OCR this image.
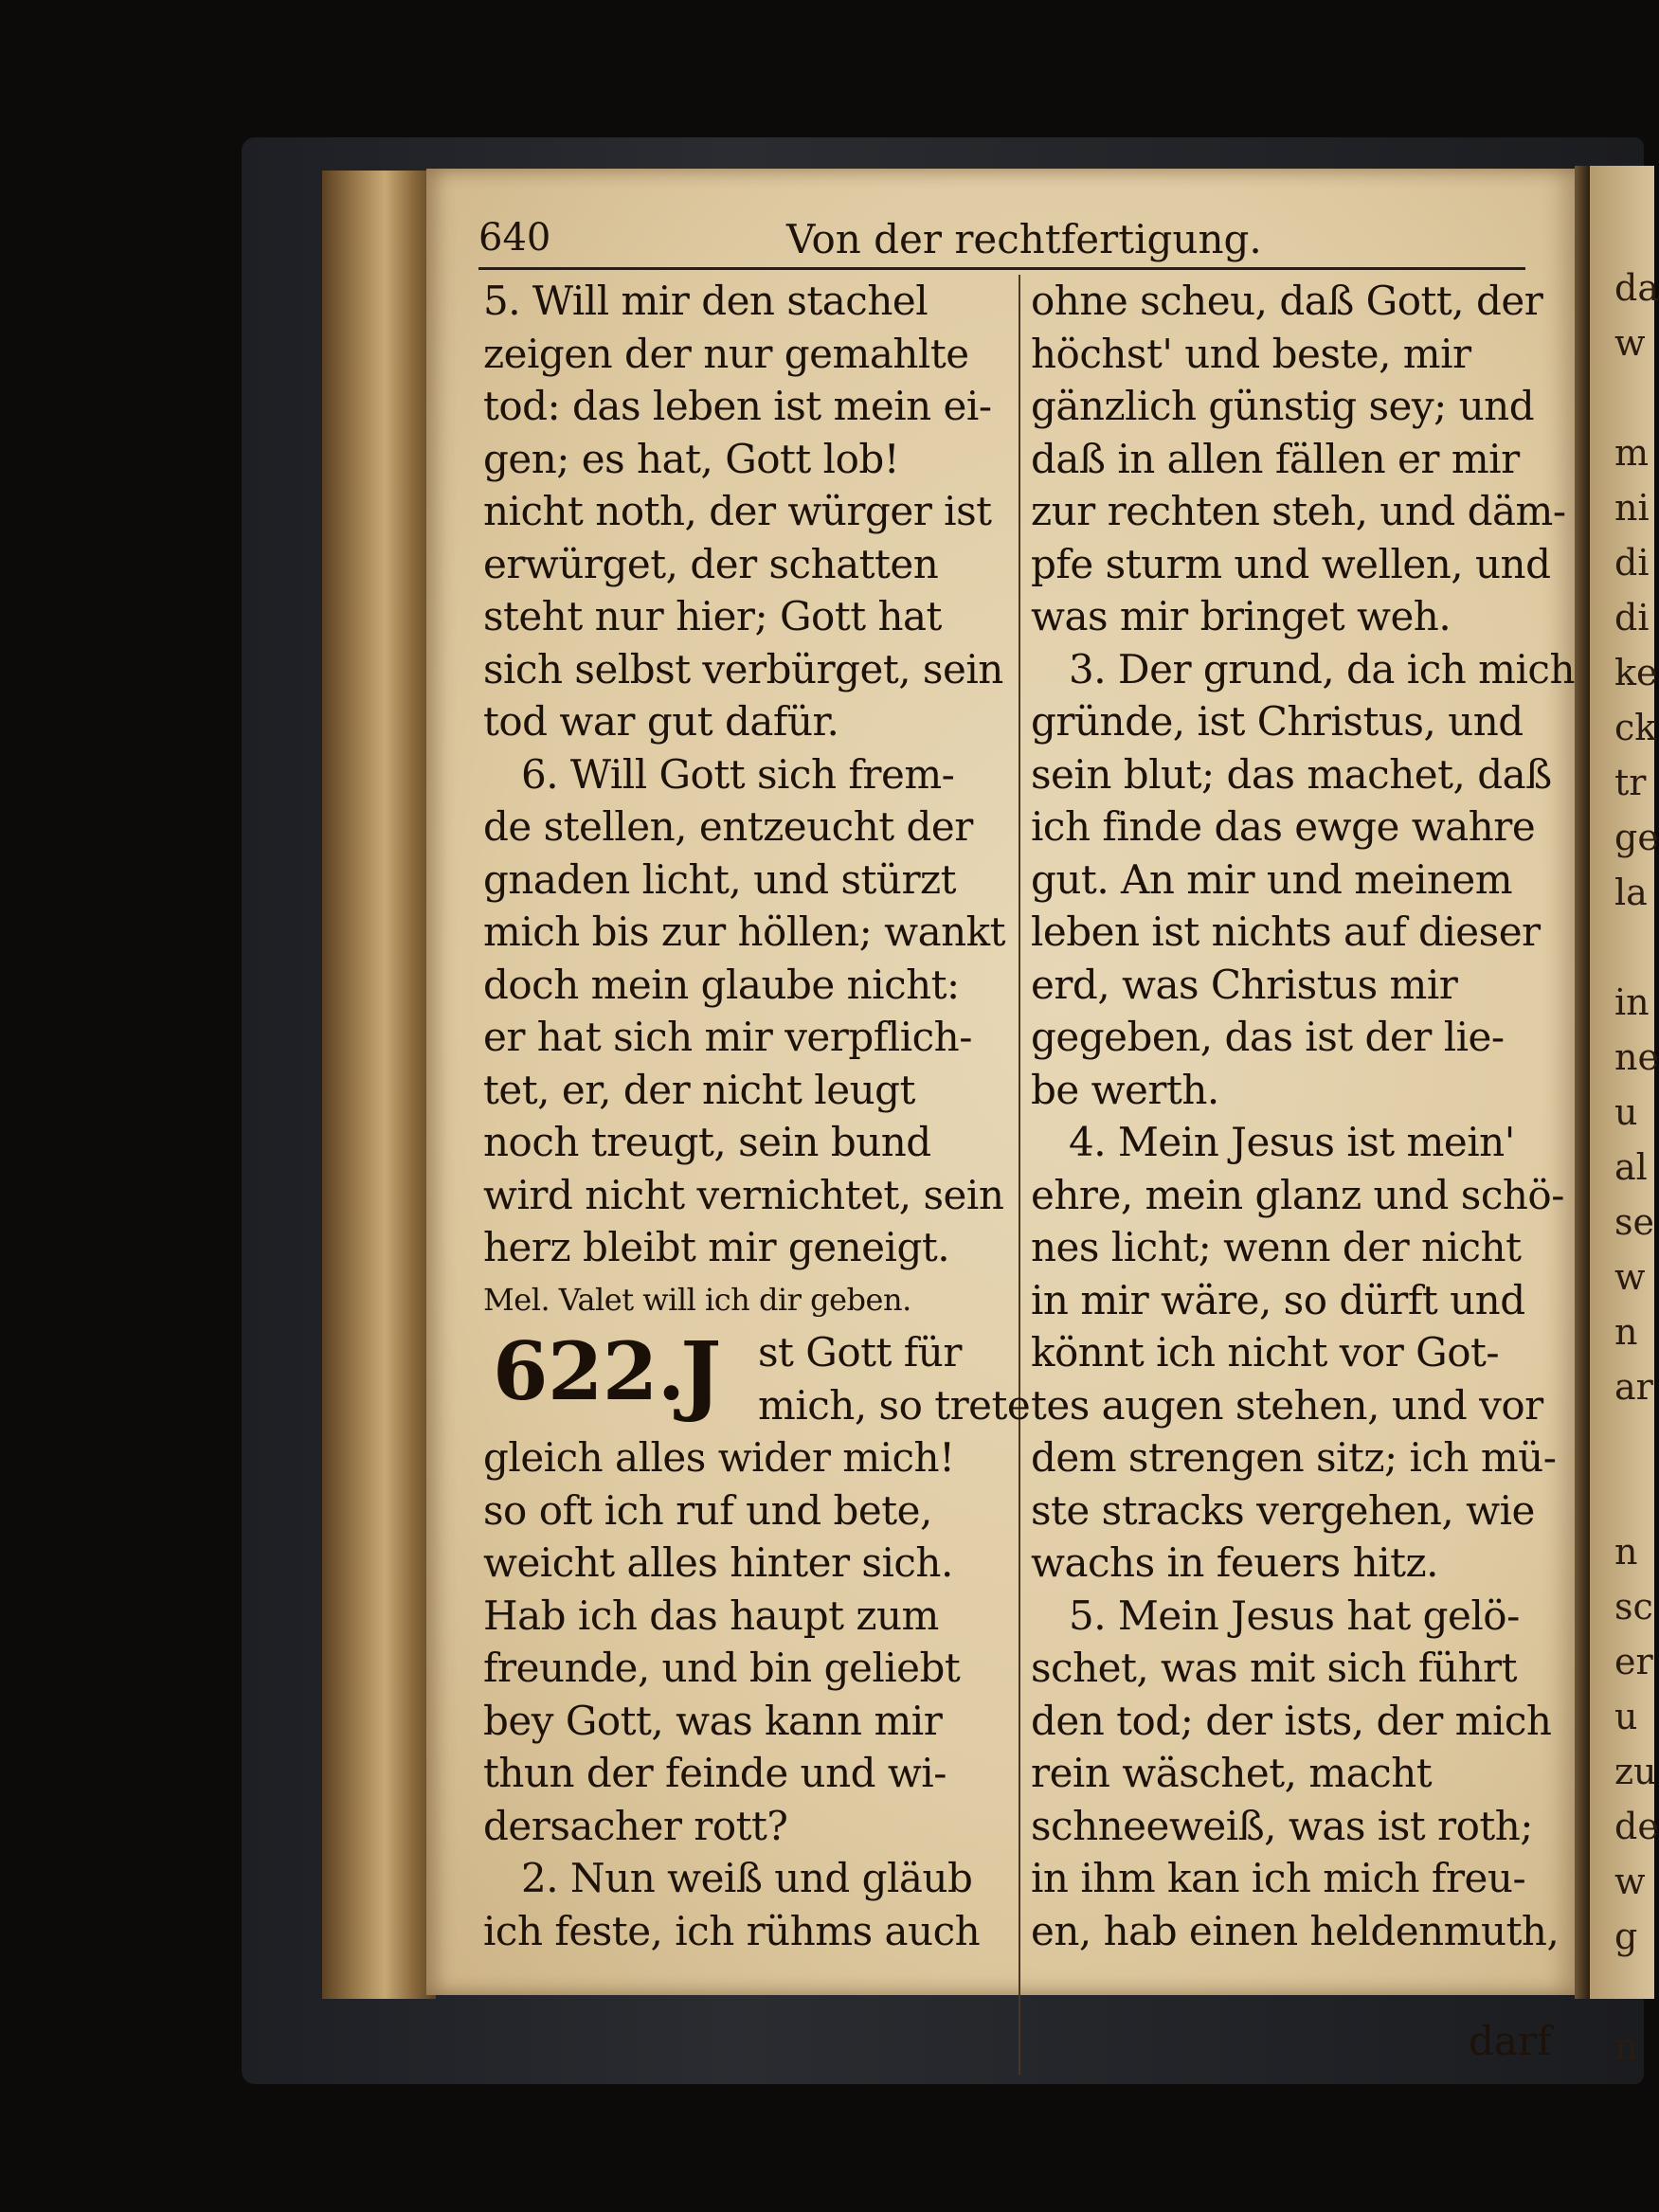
da
w

m
ni
di
di
ke
ck
tr
ge
la

in
ne
u
al
se
w
n
ar

n
sc
er
u
zu
de
w
g

n
640	Von der rechtfertigung.
5. Will mir den stachel
zeigen der nur gemahlte
tod: das leben ist mein ei-
gen; es hat, Gott lob!
nicht noth, der würger ist
erwürget, der schatten
steht nur hier; Gott hat
sich selbst verbürget, sein
tod war gut dafür.
6. Will Gott sich frem-
de stellen, entzeucht der
gnaden licht, und stürzt
mich bis zur höllen; wankt
doch mein glaube nicht:
er hat sich mir verpflich-
tet, er, der nicht leugt
noch treugt, sein bund
wird nicht vernichtet, sein
herz bleibt mir geneigt.
Mel. Valet will ich dir geben.
622.
J st Gott für
mich, so trete
gleich alles wider mich!
so oft ich ruf und bete,
weicht alles hinter sich.
Hab ich das haupt zum
freunde, und bin geliebt
bey Gott, was kann mir
thun der feinde und wi-
dersacher rott?
2. Nun weiß und gläub
ich feste, ich rühms auch
ohne scheu, daß Gott, der
höchst' und beste, mir
gänzlich günstig sey; und
daß in allen fällen er mir
zur rechten steh, und däm-
pfe sturm und wellen, und
was mir bringet weh.
3. Der grund, da ich mich
gründe, ist Christus, und
sein blut; das machet, daß
ich finde das ewge wahre
gut. An mir und meinem
leben ist nichts auf dieser
erd, was Christus mir
gegeben, das ist der lie-
be werth.
4. Mein Jesus ist mein'
ehre, mein glanz und schö-
nes licht; wenn der nicht
in mir wäre, so dürft und
könnt ich nicht vor Got-
tes augen stehen, und vor
dem strengen sitz; ich mü-
ste stracks vergehen, wie
wachs in feuers hitz.
5. Mein Jesus hat gelö-
schet, was mit sich führt
den tod; der ists, der mich
rein wäschet, macht
schneeweiß, was ist roth;
in ihm kan ich mich freu-
en, hab einen heldenmuth,
darf
